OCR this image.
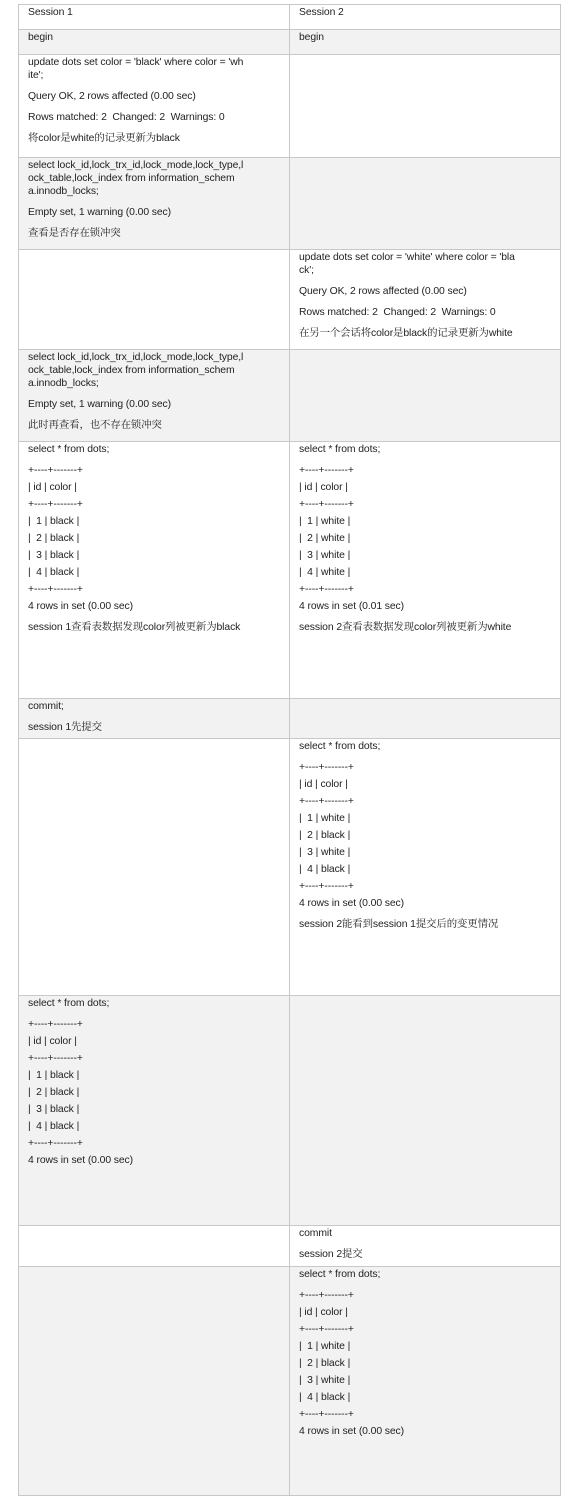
Session 1	Session 2

begin	begin

update dots set color = 'black' where color = 'wh
ite';

Query OK, 2 rows affected (0.00 sec)

Rows matched: 2  Changed: 2  Warnings: 0

将color是white的记录更新为black

select lock_id,lock_trx_id,lock_mode,lock_type,l
ock_table,lock_index from information_schem
a.innodb_locks;

Empty set, 1 warning (0.00 sec)

查看是否存在锁冲突

update dots set color = 'white' where color = 'bla
ck';

Query OK, 2 rows affected (0.00 sec)

Rows matched: 2  Changed: 2  Warnings: 0

在另一个会话将color是black的记录更新为white

select lock_id,lock_trx_id,lock_mode,lock_type,l
ock_table,lock_index from information_schem
a.innodb_locks;

Empty set, 1 warning (0.00 sec)

此时再查看，也不存在锁冲突

select * from dots;

+----+-------+

| id | color |

+----+-------+

|  1 | black |

|  2 | black |

|  3 | black |

|  4 | black |

+----+-------+

4 rows in set (0.00 sec)

session 1查看表数据发现color列被更新为black

select * from dots;

+----+-------+

| id | color |

+----+-------+

|  1 | white |

|  2 | white |

|  3 | white |

|  4 | white |

+----+-------+

4 rows in set (0.01 sec)

session 2查看表数据发现color列被更新为white

commit;

session 1先提交

select * from dots;

+----+-------+

| id | color |

+----+-------+

|  1 | white |

|  2 | black |

|  3 | white |

|  4 | black |

+----+-------+

4 rows in set (0.00 sec)

session 2能看到session 1提交后的变更情况

select * from dots;

+----+-------+

| id | color |

+----+-------+

|  1 | black |

|  2 | black |

|  3 | black |

|  4 | black |

+----+-------+

4 rows in set (0.00 sec)

commit

session 2提交

select * from dots;

+----+-------+

| id | color |

+----+-------+

|  1 | white |

|  2 | black |

|  3 | white |

|  4 | black |

+----+-------+

4 rows in set (0.00 sec)
